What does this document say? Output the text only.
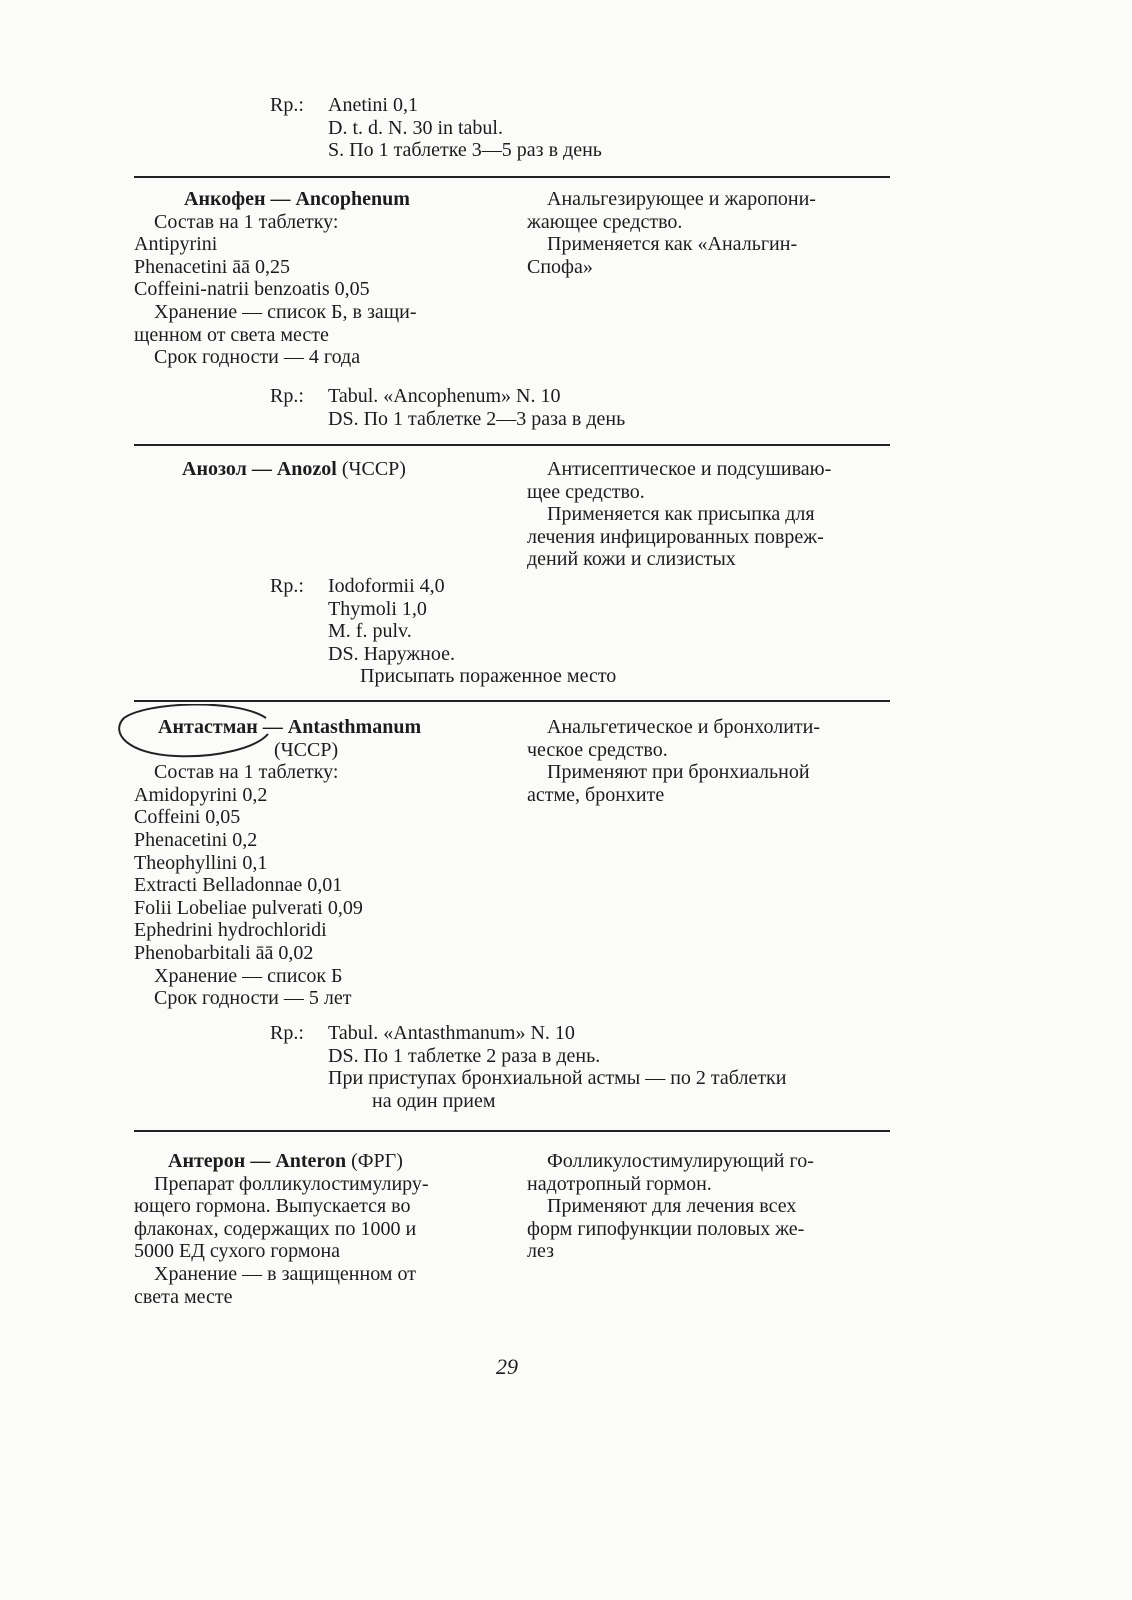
Rp.: Anetini 0,1
D. t. d. N. 30 in tabul.
S. По 1 таблетке 3—5 раз в день
Анкофен — Ancophenum
Состав на 1 таблетку:
Antipyrini
Phenacetini āā 0,25
Coffeini-natrii benzoatis 0,05
Хранение — список Б, в защи-
щенном от света месте
Срок годности — 4 года
Анальгезирующее и жаропони-
жающее средство.
Применяется как «Анальгин-
Спофа»
Rp.: Tabul. «Ancophenum» N. 10
DS. По 1 таблетке 2—3 раза в день
Анозол — Anozol (ЧССР)	Антисептическое и подсушиваю-
щее средство.
Применяется как присыпка для
лечения инфицированных повреж-
дений кожи и слизистых
Rp.: Iodoformii 4,0
Thymoli 1,0
M. f. pulv.
DS. Наружное.
Присыпать пораженное место
Антастман — Antasthmanum
(ЧССР)
Состав на 1 таблетку:
Amidopyrini 0,2
Coffeini 0,05
Phenacetini 0,2
Theophyllini 0,1
Extracti Belladonnae 0,01
Folii Lobeliae pulverati 0,09
Ephedrini hydrochloridi
Phenobarbitali āā 0,02
Хранение — список Б
Срок годности — 5 лет
Анальгетическое и бронхолити-
ческое средство.
Применяют при бронхиальной
астме, бронхите
Rp.: Tabul. «Antasthmanum» N. 10
DS. По 1 таблетке 2 раза в день.
При приступах бронхиальной астмы — по 2 таблетки
на один прием
Антерон — Anteron (ФРГ)
Препарат фолликулостимулиру-
ющего гормона. Выпускается во
флаконах, содержащих по 1000 и
5000 ЕД сухого гормона
Хранение — в защищенном от
света месте
Фолликулостимулирующий го-
надотропный гормон.
Применяют для лечения всех
форм гипофункции половых же-
лез
29
